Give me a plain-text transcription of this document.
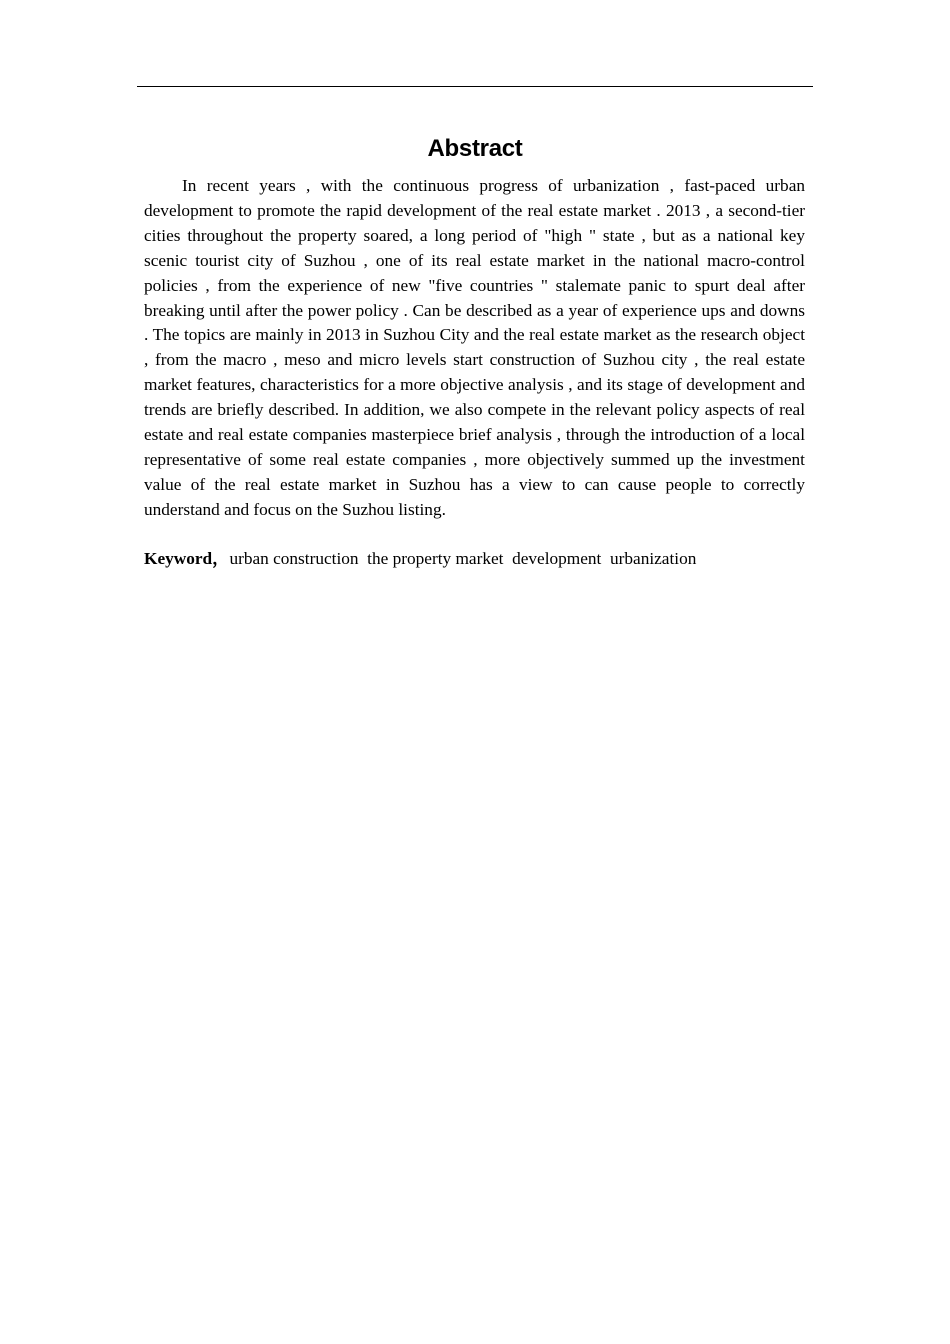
Abstract

In recent years , with the continuous progress of urbanization , fast-paced urban development to promote the rapid development of the real estate market . 2013 , a second-tier cities throughout the property soared, a long period of "high " state , but as a national key scenic tourist city of Suzhou , one of its real estate market in the national macro-control policies , from the experience of new "five countries " stalemate panic to spurt deal after breaking until after the power policy . Can be described as a year of experience ups and downs . The topics are mainly in 2013 in Suzhou City and the real estate market as the research object , from the macro , meso and micro levels start construction of Suzhou city , the real estate market features, characteristics for a more objective analysis , and its stage of development and trends are briefly described. In addition, we also compete in the relevant policy aspects of real estate and real estate companies masterpiece brief analysis , through the introduction of a local representative of some real estate companies , more objectively summed up the investment value of the real estate market in Suzhou has a view to can cause people to correctly understand and focus on the Suzhou listing.

Keyword，urban construction  the property market  development  urbanization
